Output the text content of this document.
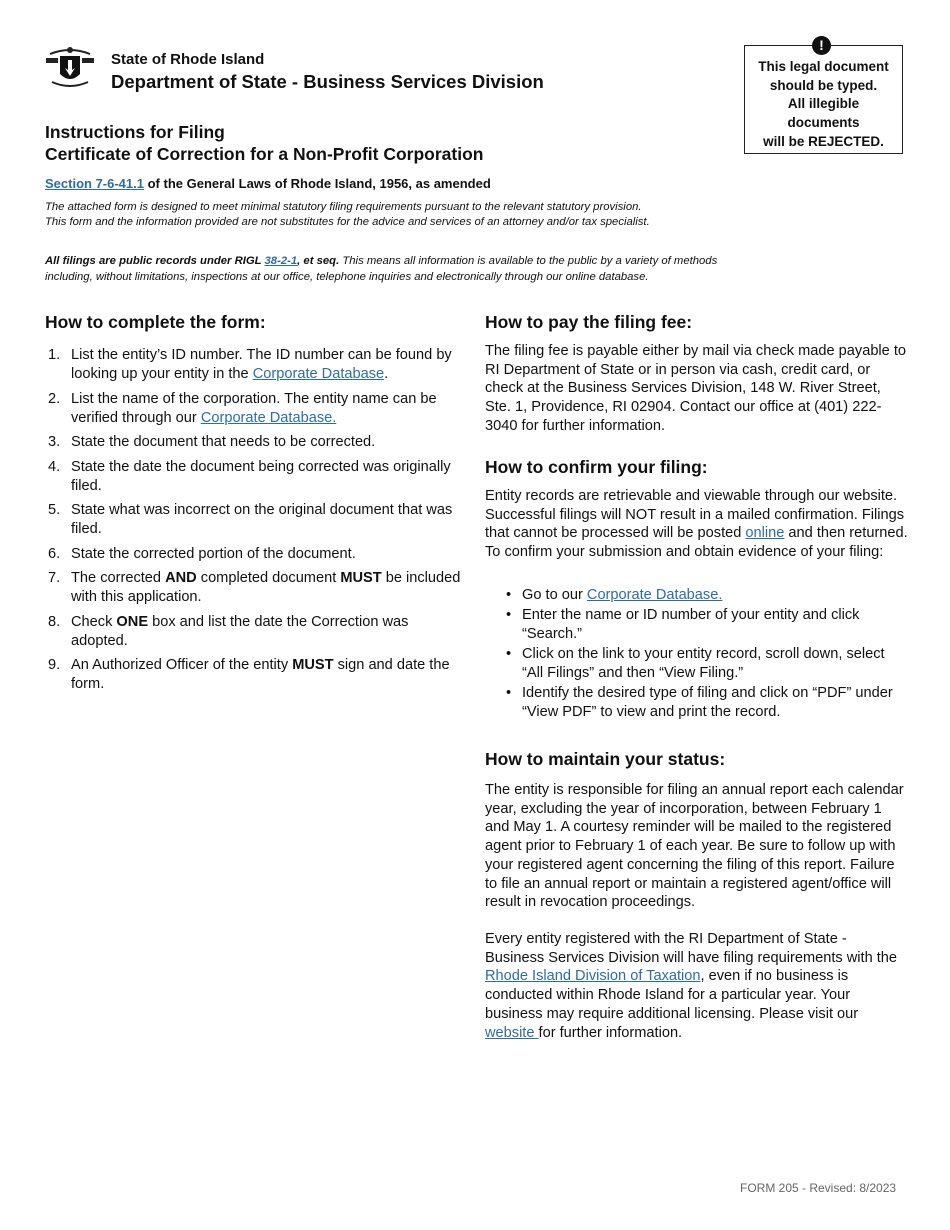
State of Rhode Island
Department of State - Business Services Division
This legal document
should be typed.
All illegible
documents
will be REJECTED.
!
Instructions for Filing
Certificate of Correction for a Non-Profit Corporation
Section 7-6-41.1 of the General Laws of Rhode Island, 1956, as amended
The attached form is designed to meet minimal statutory filing requirements pursuant to the relevant statutory provision.
This form and the information provided are not substitutes for the advice and services of an attorney and/or tax specialist.
All filings are public records under RIGL 38-2-1, et seq. This means all information is available to the public by a variety of methods
including, without limitations, inspections at our office, telephone inquiries and electronically through our online database.
How to complete the form:
1. List the entity’s ID number. The ID number can be found by looking up your entity in the Corporate Database.
2. List the name of the corporation. The entity name can be verified through our Corporate Database.
3. State the document that needs to be corrected.
4. State the date the document being corrected was originally filed.
5. State what was incorrect on the original document that was filed.
6. State the corrected portion of the document.
7. The corrected AND completed document MUST be included with this application.
8. Check ONE box and list the date the Correction was adopted.
9. An Authorized Officer of the entity MUST sign and date the form.
How to pay the filing fee:
The filing fee is payable either by mail via check made payable to RI Department of State or in person via cash, credit card, or check at the Business Services Division, 148 W. River Street, Ste. 1, Providence, RI 02904. Contact our office at (401) 222-3040 for further information.
How to confirm your filing:
Entity records are retrievable and viewable through our website. Successful filings will NOT result in a mailed confirmation. Filings that cannot be processed will be posted online and then returned. To confirm your submission and obtain evidence of your filing:
• Go to our Corporate Database.
• Enter the name or ID number of your entity and click “Search.”
• Click on the link to your entity record, scroll down, select “All Filings” and then “View Filing.”
• Identify the desired type of filing and click on “PDF” under “View PDF” to view and print the record.
How to maintain your status:
The entity is responsible for filing an annual report each calendar year, excluding the year of incorporation, between February 1 and May 1. A courtesy reminder will be mailed to the registered agent prior to February 1 of each year. Be sure to follow up with your registered agent concerning the filing of this report. Failure to file an annual report or maintain a registered agent/office will result in revocation proceedings.
Every entity registered with the RI Department of State - Business Services Division will have filing requirements with the Rhode Island Division of Taxation, even if no business is conducted within Rhode Island for a particular year. Your business may require additional licensing. Please visit our website for further information.
FORM 205 - Revised: 8/2023
